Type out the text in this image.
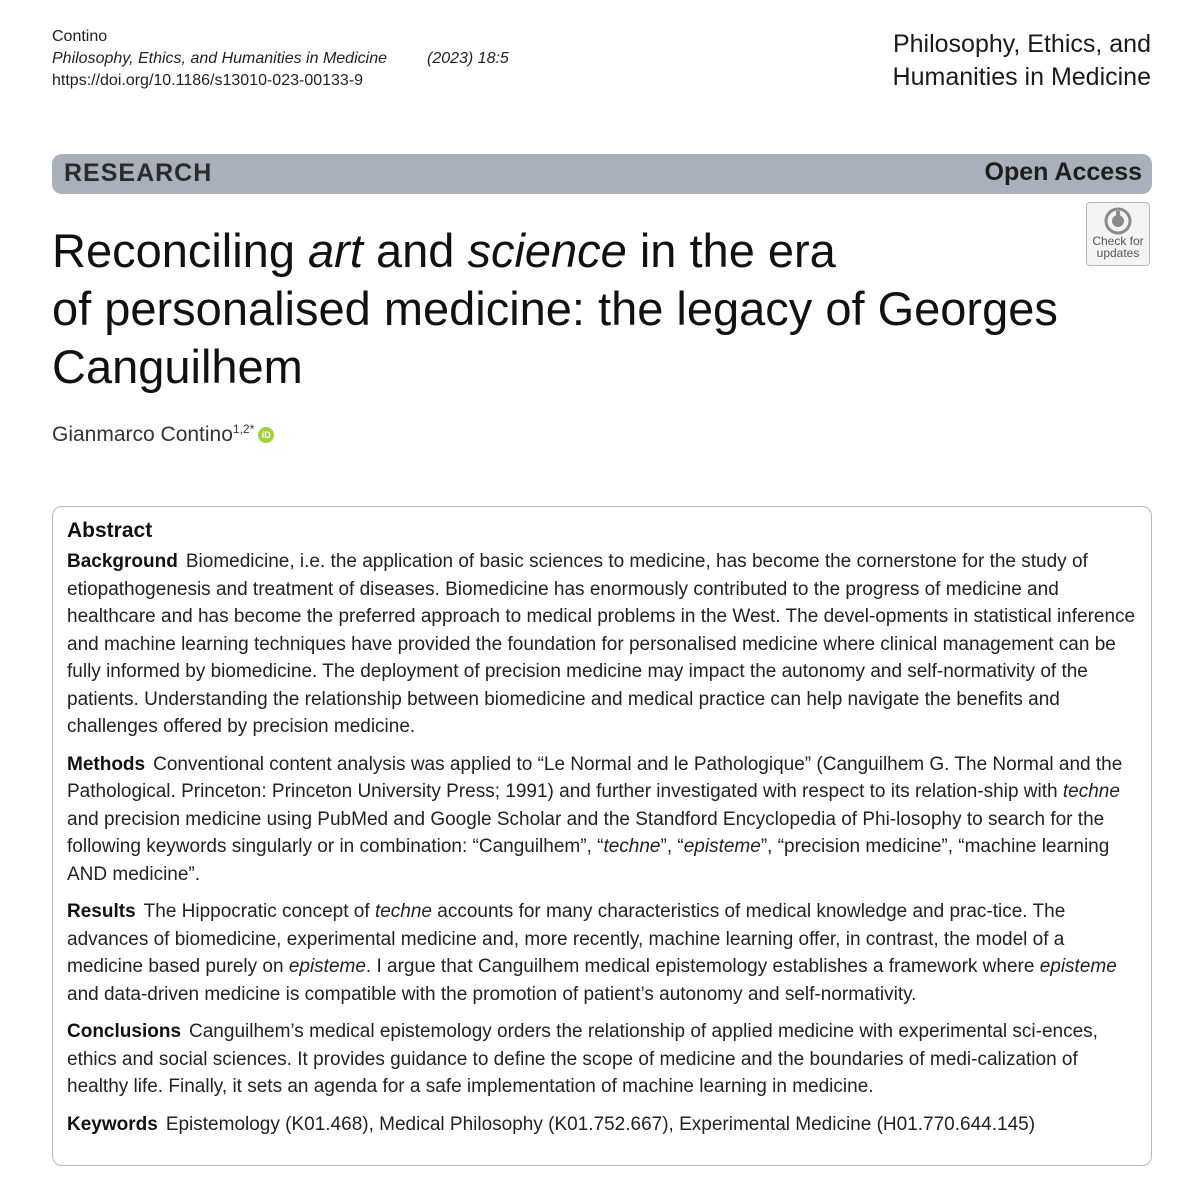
Contino
Philosophy, Ethics, and Humanities in Medicine	(2023) 18:5
https://doi.org/10.1186/s13010-023-00133-9
Philosophy, Ethics, and
Humanities in Medicine
RESEARCH	Open Access
Check for
updates
Reconciling art and science in the era
of personalised medicine: the legacy of Georges
Canguilhem
Gianmarco Contino$^{1,2*}$ iD
Abstract

Background Biomedicine, i.e. the application of basic sciences to medicine, has become the cornerstone for the study of etiopathogenesis and treatment of diseases. Biomedicine has enormously contributed to the progress of medicine and healthcare and has become the preferred approach to medical problems in the West. The devel-opments in statistical inference and machine learning techniques have provided the foundation for personalised medicine where clinical management can be fully informed by biomedicine. The deployment of precision medicine may impact the autonomy and self-normativity of the patients. Understanding the relationship between biomedicine and medical practice can help navigate the benefits and challenges offered by precision medicine.

Methods Conventional content analysis was applied to “Le Normal and le Pathologique” (Canguilhem G. The Normal and the Pathological. Princeton: Princeton University Press; 1991) and further investigated with respect to its relation-ship with techne and precision medicine using PubMed and Google Scholar and the Standford Encyclopedia of Phi-losophy to search for the following keywords singularly or in combination: “Canguilhem”, “techne”, “episteme”, “precision medicine”, “machine learning AND medicine”.

Results The Hippocratic concept of techne accounts for many characteristics of medical knowledge and prac-tice. The advances of biomedicine, experimental medicine and, more recently, machine learning offer, in contrast, the model of a medicine based purely on episteme. I argue that Canguilhem medical epistemology establishes a framework where episteme and data-driven medicine is compatible with the promotion of patient’s autonomy and self-normativity.

Conclusions Canguilhem’s medical epistemology orders the relationship of applied medicine with experimental sci-ences, ethics and social sciences. It provides guidance to define the scope of medicine and the boundaries of medi-calization of healthy life. Finally, it sets an agenda for a safe implementation of machine learning in medicine.

Keywords Epistemology (K01.468), Medical Philosophy (K01.752.667), Experimental Medicine (H01.770.644.145)
